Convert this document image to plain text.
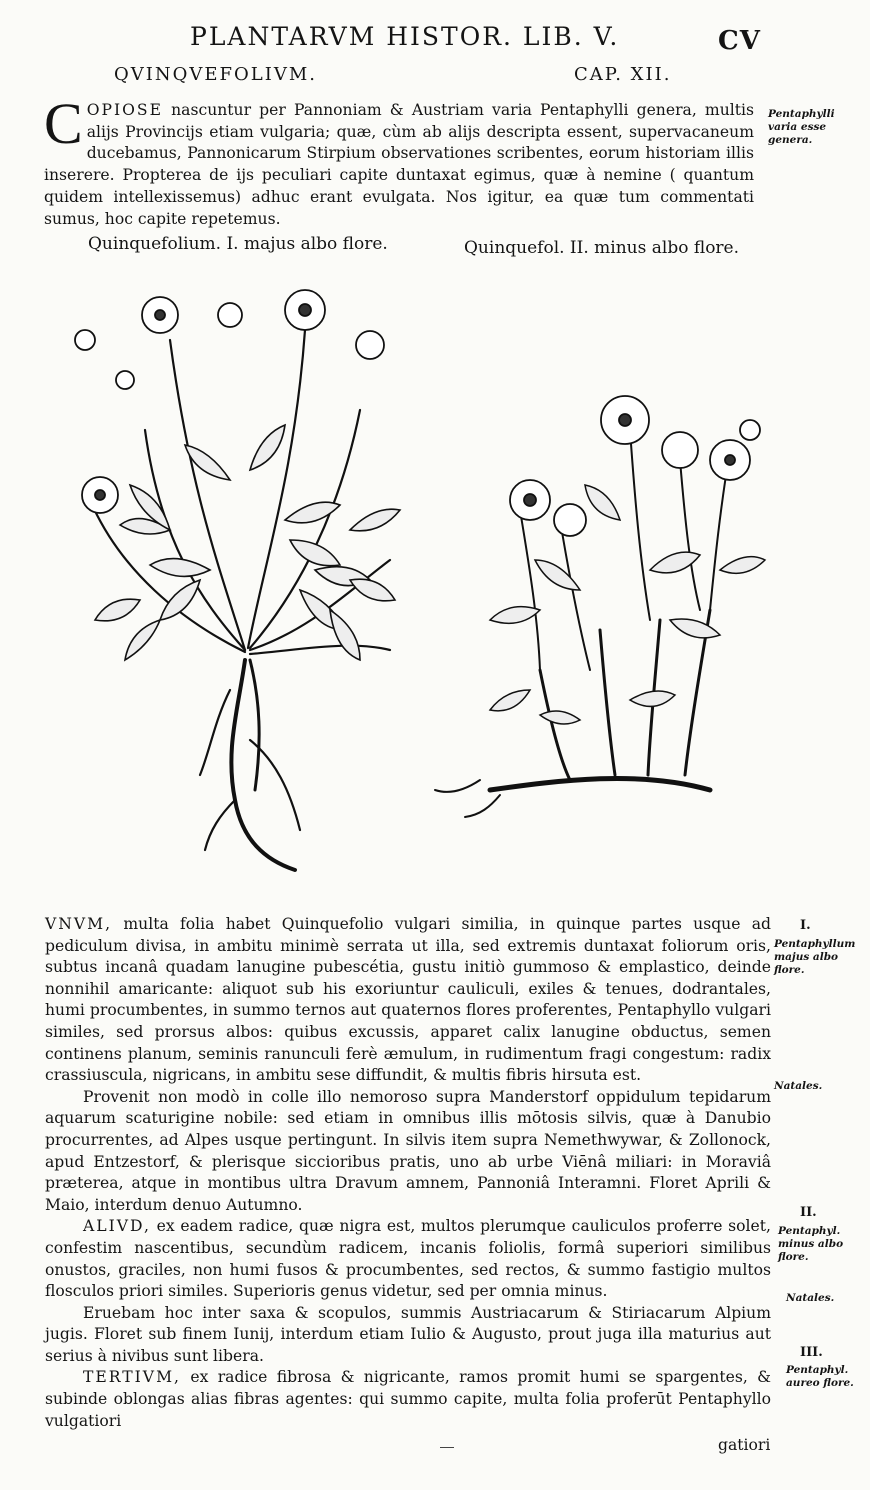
PLANTARVM HISTOR. LIB. V.	CV
QVINQVEFOLIVM.	CAP. XII.

C OPIOSE nascuntur per Pannoniam & Austriam varia Pentaphylli genera, multis alijs Provincijs etiam vulgaria; quæ, cùm ab alijs descripta essent, supervacaneum ducebamus, Pannonicarum Stirpium observationes scribentes, eorum historiam illis inserere. Propterea de ijs peculiari capite duntaxat egimus, quæ à nemine ( quantum quidem intellexissemus) adhuc erant evulgata. Nos igitur, ea quæ tum commentati sumus, hoc capite repetemus.

Pentaphylli varia esse genera.
Quinquefolium. I. majus albo flore.	Quinquefol. II. minus albo flore.

VNVM, multa folia habet Quinquefolio vulgari similia, in quinque partes usque ad pediculum divisa, in ambitu minimè serrata ut illa, sed extremis duntaxat foliorum oris, subtus incanâ quadam lanugine pubescétia, gustu initiò gummoso & emplastico, deinde nonnihil amaricante: aliquot sub his exoriuntur cauliculi, exiles & tenues, dodrantales, humi procumbentes, in summo ternos aut quaternos flores proferentes, Pentaphyllo vulgari similes, sed prorsus albos: quibus excussis, apparet calix lanugine obductus, semen continens planum, seminis ranunculi ferè æmulum, in rudimentum fragi congestum: radix crassiuscula, nigricans, in ambitu sese diffundit, & multis fibris hirsuta est.

Provenit non modò in colle illo nemoroso supra Manderstorf oppidulum tepidarum aquarum scaturigine nobile: sed etiam in omnibus illis mōtosis silvis, quæ à Danubio procurrentes, ad Alpes usque pertingunt. In silvis item supra Nemethwywar, & Zollonock, apud Entzestorf, & plerisque siccioribus pratis, uno ab urbe Viēnâ miliari: in Moraviâ præterea, atque in montibus ultra Dravum amnem, Pannoniâ Interamni. Floret Aprili & Maio, interdum denuo Autumno.

ALIVD, ex eadem radice, quæ nigra est, multos plerumque cauliculos proferre solet, confestim nascentibus, secundùm radicem, incanis foliolis, formâ superiori similibus onustos, graciles, non humi fusos & procumbentes, sed rectos, & summo fastigio multos flosculos priori similes. Superioris genus videtur, sed per omnia minus.

Eruebam hoc inter saxa & scopulos, summis Austriacarum & Stiriacarum Alpium jugis. Floret sub finem Iunij, interdum etiam Iulio & Augusto, prout juga illa maturius aut serius à nivibus sunt libera.

TERTIVM, ex radice fibrosa & nigricante, ramos promit humi se spargentes, & subinde oblongas alias fibras agentes: qui summo capite, multa folia proferūt Pentaphyllo vulgatiori

I.
Pentaphyllum majus albo flore.
Natales.
II.
Pentaphyl. minus albo flore.
Natales.
III.
Pentaphyl. aureo flore.
gatiori
